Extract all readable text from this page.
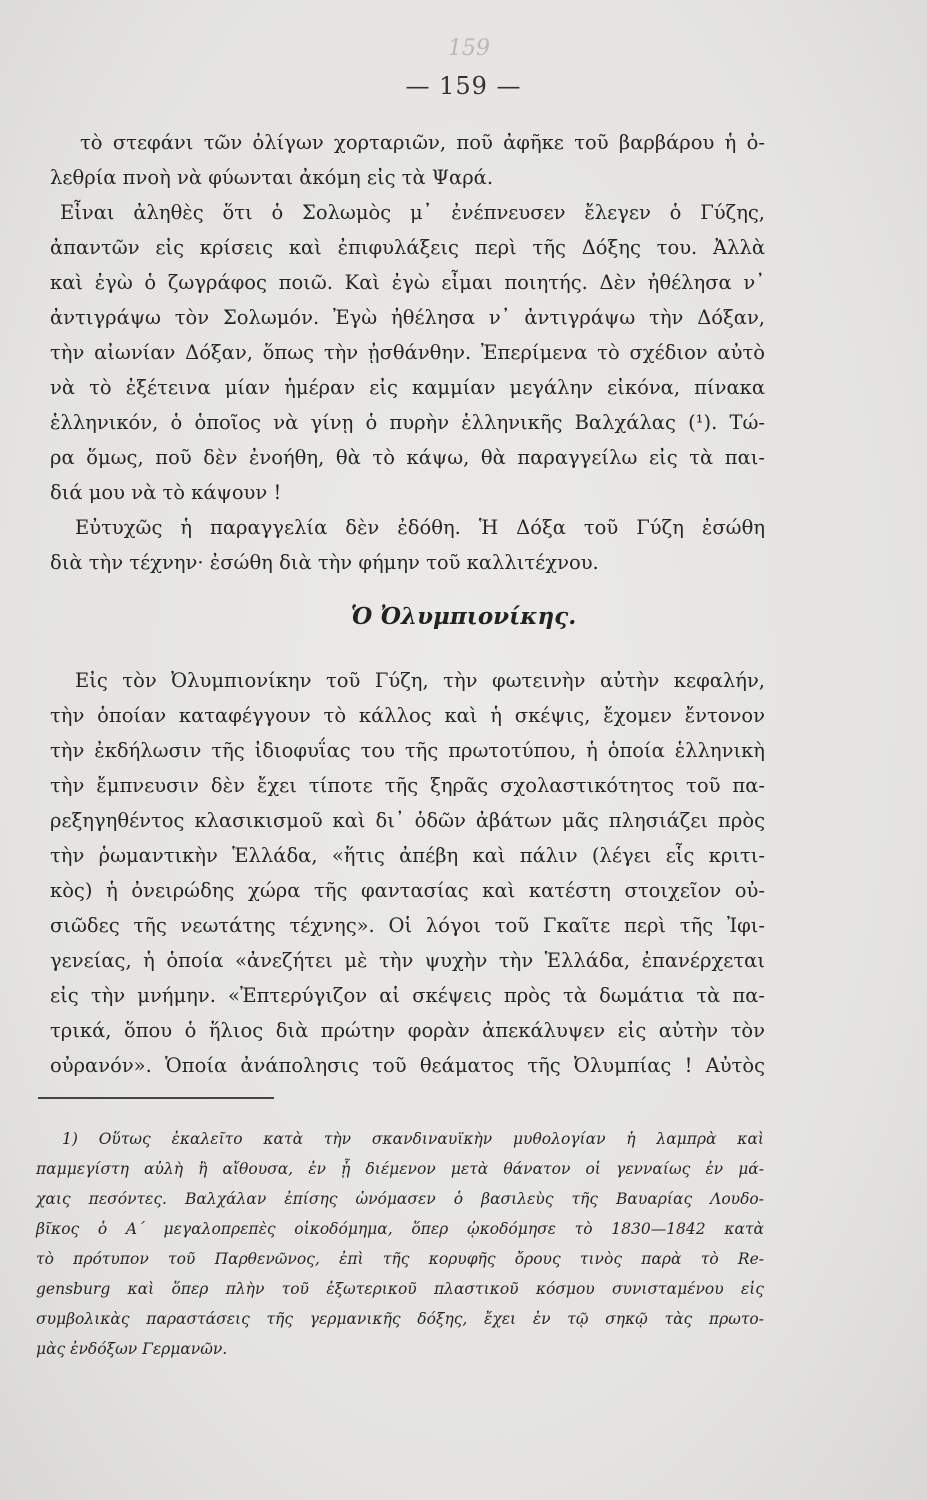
159
— 159 —
τὸ στεφάνι τῶν ὀλίγων χορταριῶν, ποῦ ἀφῆκε τοῦ βαρβάρου ἡ ὀ-
λεθρία πνοὴ νὰ φύωνται ἀκόμη εἰς τὰ Ψαρά.
Εἶναι ἀληθὲς ὅτι ὁ Σολωμὸς μ᾿ ἐνέπνευσεν ἔλεγεν ὁ Γύζης,
ἀπαντῶν εἰς κρίσεις καὶ ἐπιφυλάξεις περὶ τῆς Δόξης του. Ἀλλὰ
καὶ ἐγὼ ὁ ζωγράφος ποιῶ. Καὶ ἐγὼ εἶμαι ποιητής. Δὲν ἠθέλησα ν᾿
ἀντιγράψω τὸν Σολωμόν. Ἐγὼ ἠθέλησα ν᾿ ἀντιγράψω τὴν Δόξαν,
τὴν αἰωνίαν Δόξαν, ὅπως τὴν ᾐσθάνθην. Ἐπερίμενα τὸ σχέδιον αὐτὸ
νὰ τὸ ἐξέτεινα μίαν ἡμέραν εἰς καμμίαν μεγάλην εἰκόνα, πίνακα
ἑλληνικόν, ὁ ὁποῖος νὰ γίνῃ ὁ πυρὴν ἑλληνικῆς Βαλχάλας (¹). Τώ-
ρα ὅμως, ποῦ δὲν ἐνοήθη, θὰ τὸ κάψω, θὰ παραγγείλω εἰς τὰ παι-
διά μου νὰ τὸ κάψουν !
Εὐτυχῶς ἡ παραγγελία δὲν ἐδόθη. Ἡ Δόξα τοῦ Γύζη ἐσώθη
διὰ τὴν τέχνην· ἐσώθη διὰ τὴν φήμην τοῦ καλλιτέχνου.
Ὁ Ὀλυμπιονίκης.
Εἰς τὸν Ὀλυμπιονίκην τοῦ Γύζη, τὴν φωτεινὴν αὐτὴν κεφαλήν,
τὴν ὁποίαν καταφέγγουν τὸ κάλλος καὶ ἡ σκέψις, ἔχομεν ἔντονον
τὴν ἐκδήλωσιν τῆς ἰδιοφυΐας του τῆς πρωτοτύπου, ἡ ὁποία ἑλληνικὴ
τὴν ἔμπνευσιν δὲν ἔχει τίποτε τῆς ξηρᾶς σχολαστικότητος τοῦ πα-
ρεξηγηθέντος κλασικισμοῦ καὶ δι᾿ ὁδῶν ἀβάτων μᾶς πλησιάζει πρὸς
τὴν ῥωμαντικὴν Ἑλλάδα, «ἥτις ἀπέβη καὶ πάλιν (λέγει εἷς κριτι-
κὸς) ἡ ὀνειρώδης χώρα τῆς φαντασίας καὶ κατέστη στοιχεῖον οὐ-
σιῶδες τῆς νεωτάτης τέχνης». Οἱ λόγοι τοῦ Γκαῖτε περὶ τῆς Ἰφι-
γενείας, ἡ ὁποία «ἀνεζήτει μὲ τὴν ψυχὴν τὴν Ἑλλάδα, ἐπανέρχεται
εἰς τὴν μνήμην. «Ἐπτερύγιζον αἱ σκέψεις πρὸς τὰ δωμάτια τὰ πα-
τρικά, ὅπου ὁ ἥλιος διὰ πρώτην φορὰν ἀπεκάλυψεν εἰς αὐτὴν τὸν
οὐρανόν». Ὁποία ἀνάπολησις τοῦ θεάματος τῆς Ὀλυμπίας ! Αὐτὸς
1) Οὕτως ἐκαλεῖτο κατὰ τὴν σκανδιναυϊκὴν μυθολογίαν ἡ λαμπρὰ καὶ
παμμεγίστη αὐλὴ ἢ αἴθουσα, ἐν ᾗ διέμενον μετὰ θάνατον οἱ γενναίως ἐν μά-
χαις πεσόντες. Βαλχάλαν ἐπίσης ὠνόμασεν ὁ βασιλεὺς τῆς Βαυαρίας Λουδο-
βῖκος ὁ Α΄ μεγαλοπρεπὲς οἰκοδόμημα, ὅπερ ᾠκοδόμησε τὸ 1830—1842 κατὰ
τὸ πρότυπον τοῦ Παρθενῶνος, ἐπὶ τῆς κορυφῆς ὄρους τινὸς παρὰ τὸ Re-
gensburg καὶ ὅπερ πλὴν τοῦ ἐξωτερικοῦ πλαστικοῦ κόσμου συνισταμένου εἰς
συμβολικὰς παραστάσεις τῆς γερμανικῆς δόξης, ἔχει ἐν τῷ σηκῷ τὰς πρωτο-
μὰς ἐνδόξων Γερμανῶν.
